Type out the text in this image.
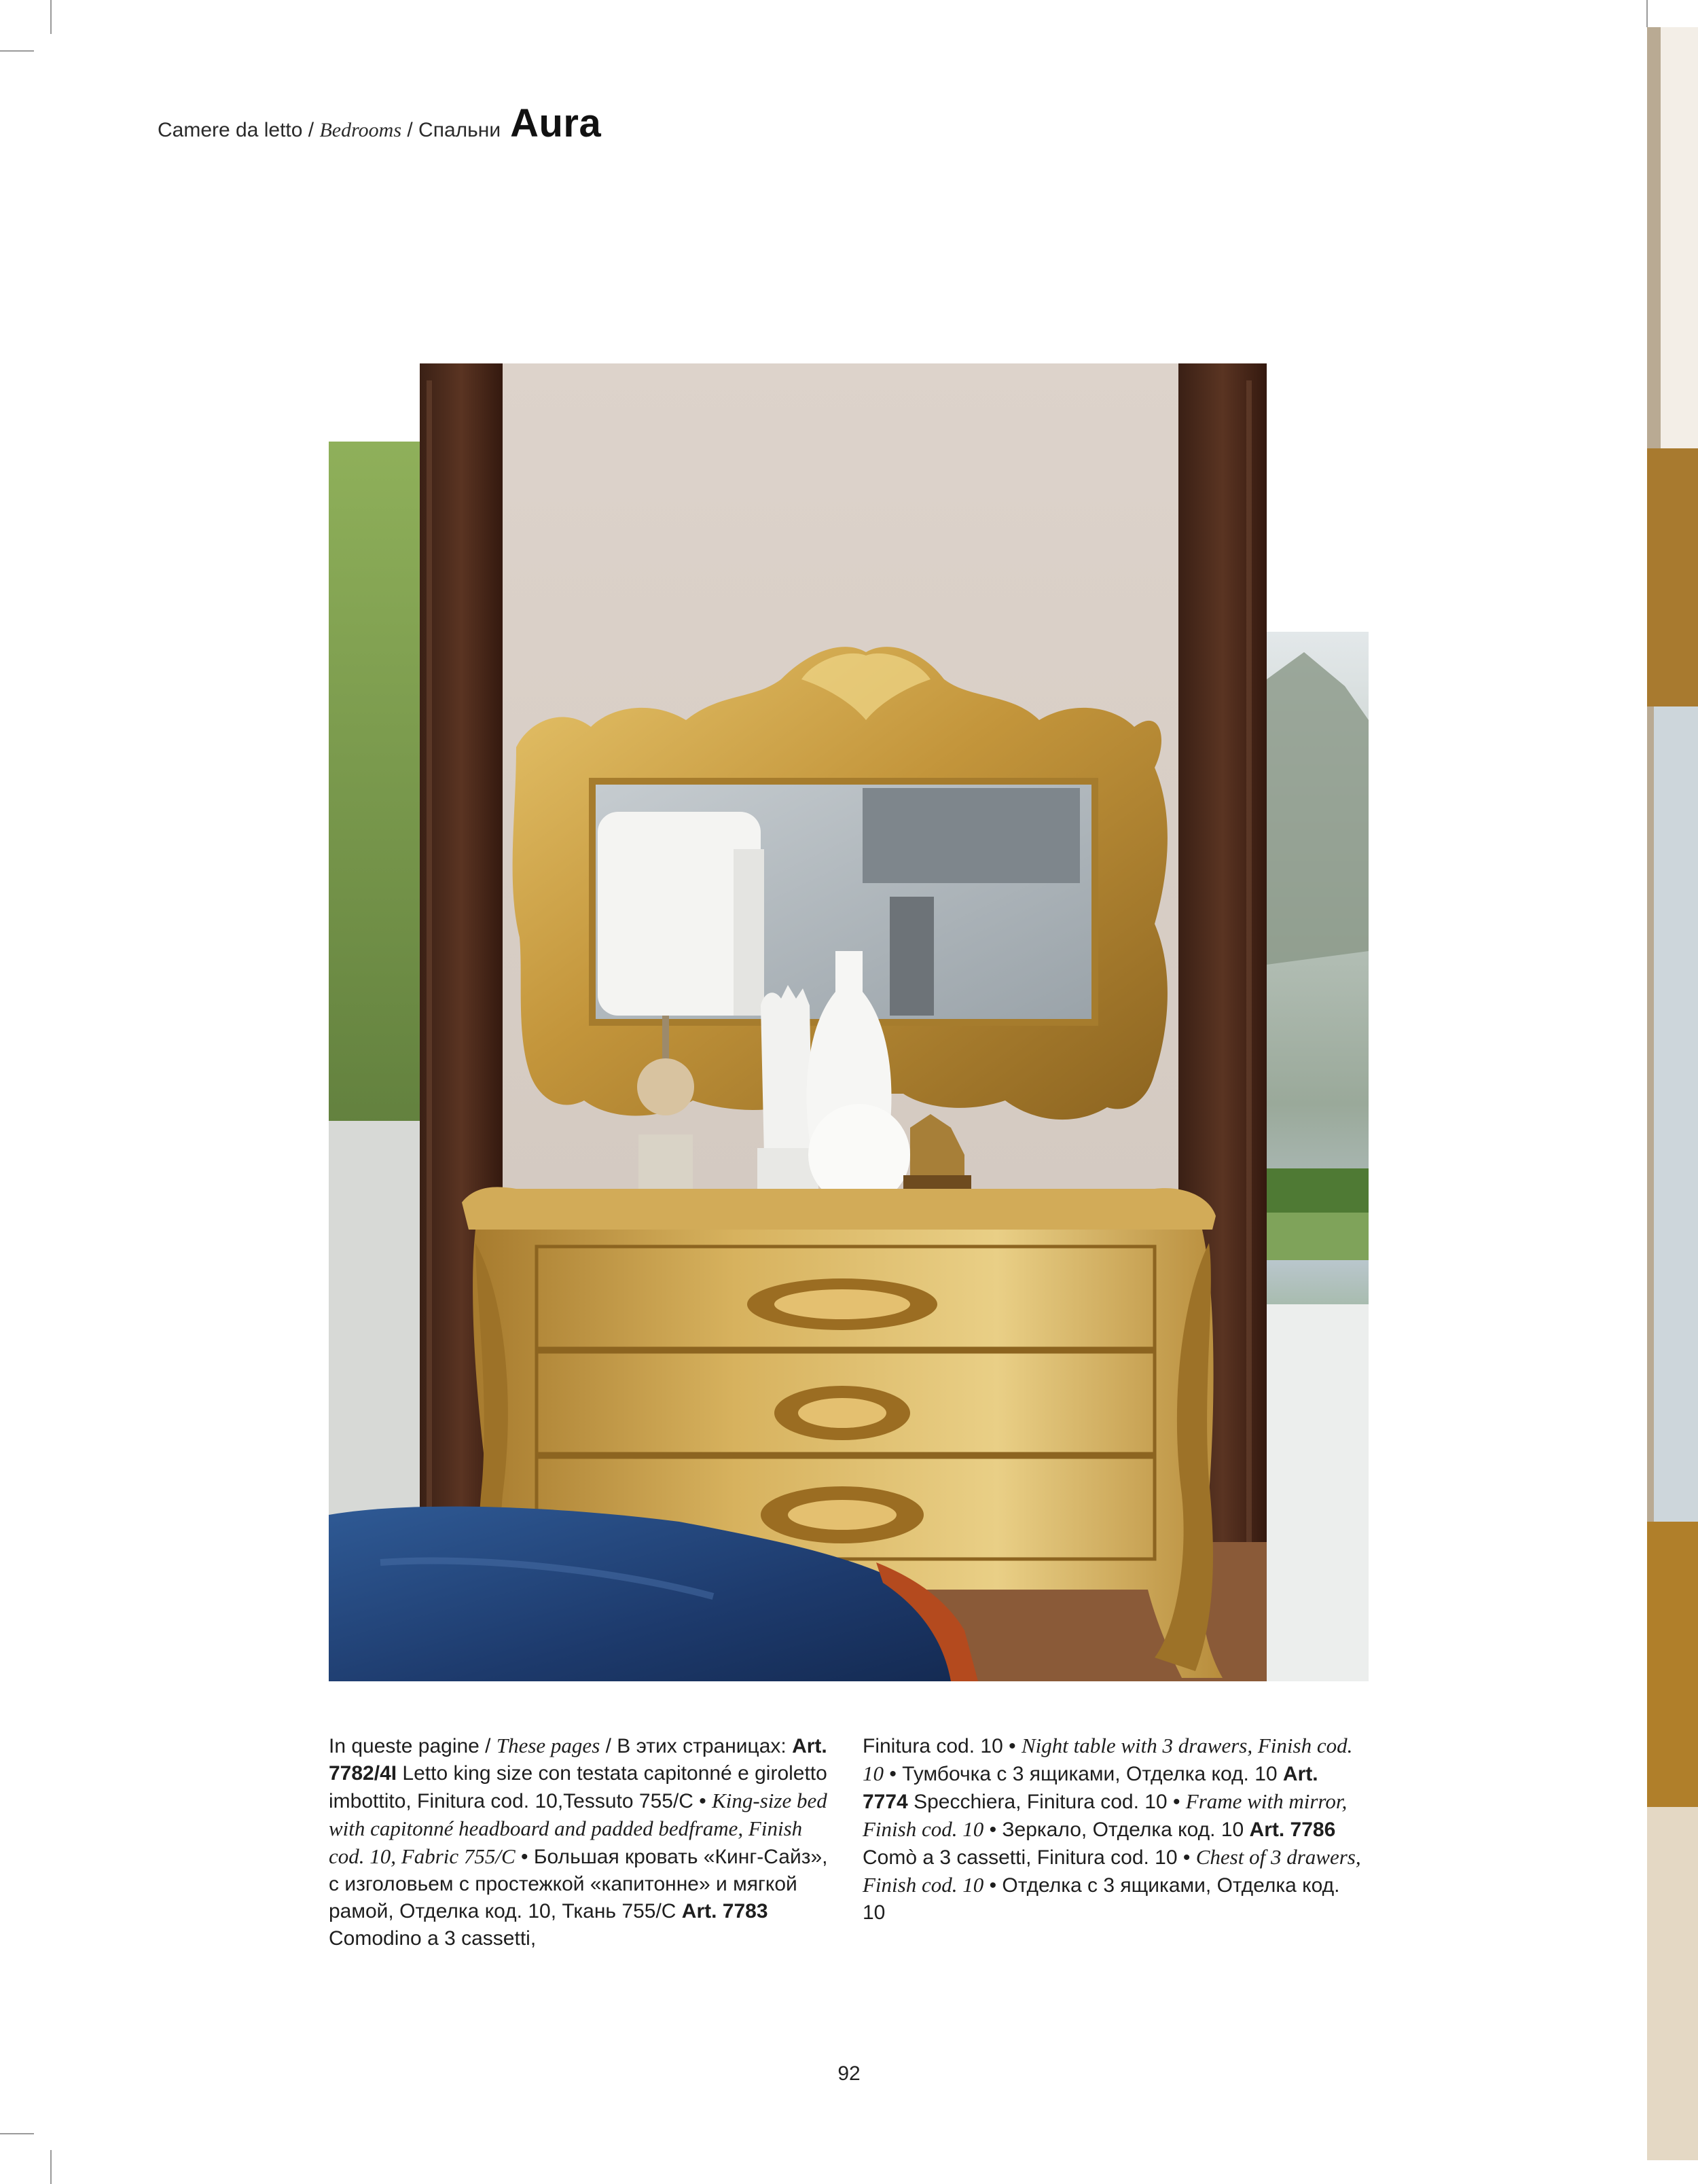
Camere da letto / Bedrooms / Спальни Aura
In queste pagine / These pages / В этих страницах: Art. 7782/4I Letto king size con testata capitonné e giroletto imbottito, Finitura cod. 10,Tessuto 755/C • King-size bed with capitonné headboard and padded bedframe, Finish cod. 10, Fabric 755/C • Большая кровать «Кинг-Сайз», с изголовьем с простежкой «капитонне» и мягкой рамой, Отделка код. 10, Ткань 755/C Art. 7783 Comodino a 3 cassetti,
Finitura cod. 10 • Night table with 3 drawers, Finish cod. 10 • Тумбочка с 3 ящиками, Отделка код. 10 Art. 7774 Specchiera, Finitura cod. 10 • Frame with mirror, Finish cod. 10 • Зеркало, Отделка код. 10 Art. 7786 Comò a 3 cassetti, Finitura cod. 10 • Chest of 3 drawers, Finish cod. 10 • Отделка с 3 ящиками, Отделка код. 10
92
